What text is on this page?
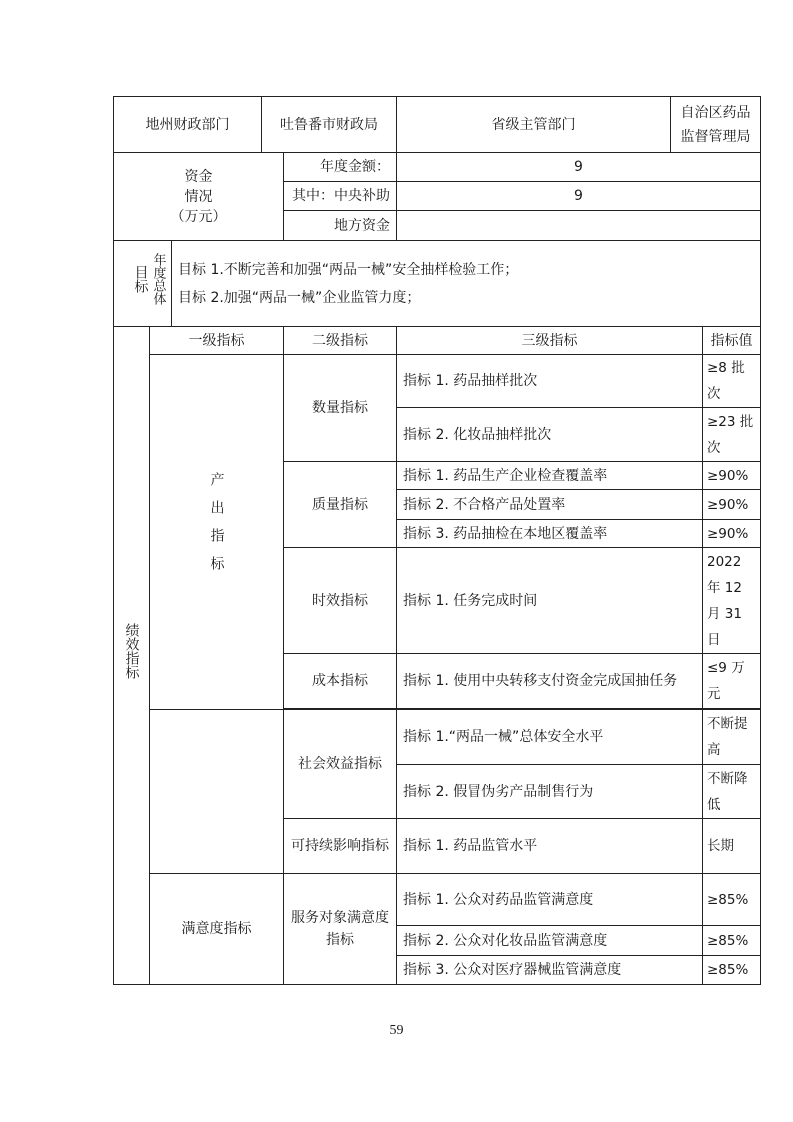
地州财政部门			吐鲁番市财政局		省级主管部门	自治区药品监督管理局	
资金
情况
（万元）				年度金额：	9		
				其中：中央补助	9		
				地方资金			
目标	年度总体	目标 1.不断完善和加强“两品一械”安全抽样检验工作；
目标 2.加强“两品一械”企业监管力度；					

绩效指标	一级指标			二级指标	三级指标		指标值
	产出指标			数量指标	指标 1. 药品抽样批次		≥8 批次
					指标 2. 化妆品抽样批次		≥23 批次
				质量指标	指标 1. 药品生产企业检查覆盖率		≥90%
					指标 2. 不合格产品处置率		≥90%
					指标 3. 药品抽检在本地区覆盖率		≥90%
				时效指标	指标 1. 任务完成时间		2022 年 12 月 31 日
				成本指标	指标 1. 使用中央转移支付资金完成国抽任务		≤9 万元

				社会效益指标	指标 1.“两品一械”总体安全水平		不断提高
					指标 2. 假冒伪劣产品制售行为		不断降低
				可持续影响指标	指标 1. 药品监管水平		长期
	满意度指标			服务对象满意度指标	指标 1. 公众对药品监管满意度		≥85%
					指标 2. 公众对化妆品监管满意度		≥85%
					指标 3. 公众对医疗器械监管满意度		≥85%
59
